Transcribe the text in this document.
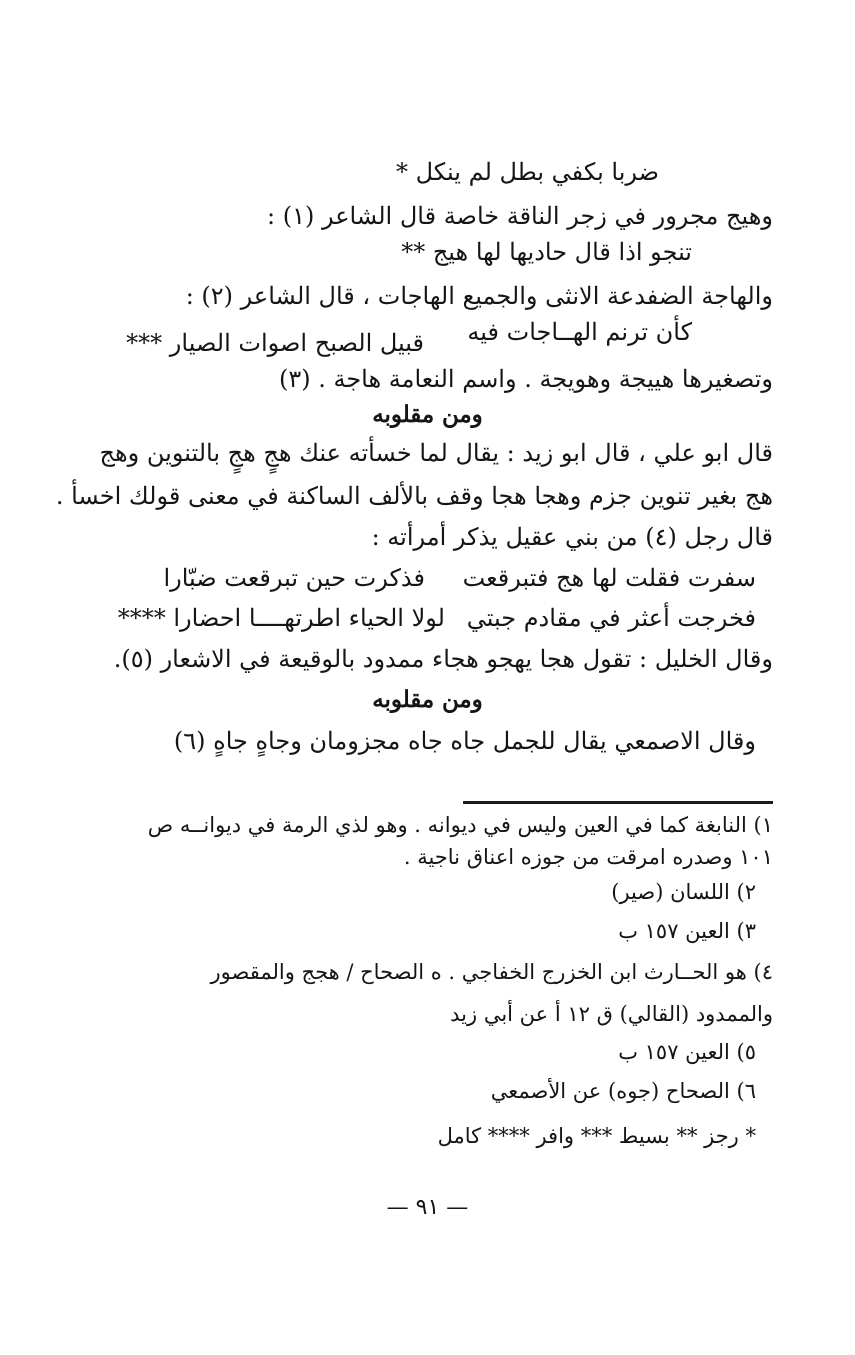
ضربا بكفي بطل لم ينكل *
وهيج مجرور في زجر الناقة خاصة قال الشاعر (١) :
تنجو اذا قال حاديها لها هيج **
والهاجة الضفدعة الانثى والجميع الهاجات ، قال الشاعر (٢) :
كأن ترنم الهــاجات فيه
قبيل الصبح اصوات الصيار ***
وتصغيرها هييجة وهويجة . واسم النعامة هاجة . (٣)
ومن مقلوبه
قال ابو علي ، قال ابو زيد : يقال لما خسأته عنك هجٍ هجٍ بالتنوين وهج
هج بغير تنوين جزم وهجا هجا وقف بالألف الساكنة في معنى قولك اخسأ .
قال رجل (٤) من بني عقيل يذكر أمرأته :
سفرت فقلت لها هج فتبرقعت
فذكرت حين تبرقعت ضبّارا
فخرجت أعثر في مقادم جبتي
لولا الحياء اطرتهــــا احضارا ****
وقال الخليل : تقول هجا يهجو هجاء ممدود بالوقيعة في الاشعار (٥).
ومن مقلوبه
وقال الاصمعي يقال للجمل جاه جاه مجزومان وجاهٍ جاهٍ (٦)
١) النابغة كما في العين وليس في ديوانه . وهو لذي الرمة في ديوانــه ص
١٠١ وصدره امرقت من جوزه اعناق ناجية .
٢) اللسان (صير)
٣) العين ١٥٧ ب
٤) هو الحــارث ابن الخزرج الخفاجي . ه الصحاح / هجج والمقصور
والممدود (القالي) ق ١٢ أ عن أبي زيد
٥) العين ١٥٧ ب
٦) الصحاح (جوه) عن الأصمعي
* رجز ** بسيط *** وافر **** كامل
— ٩١ —
